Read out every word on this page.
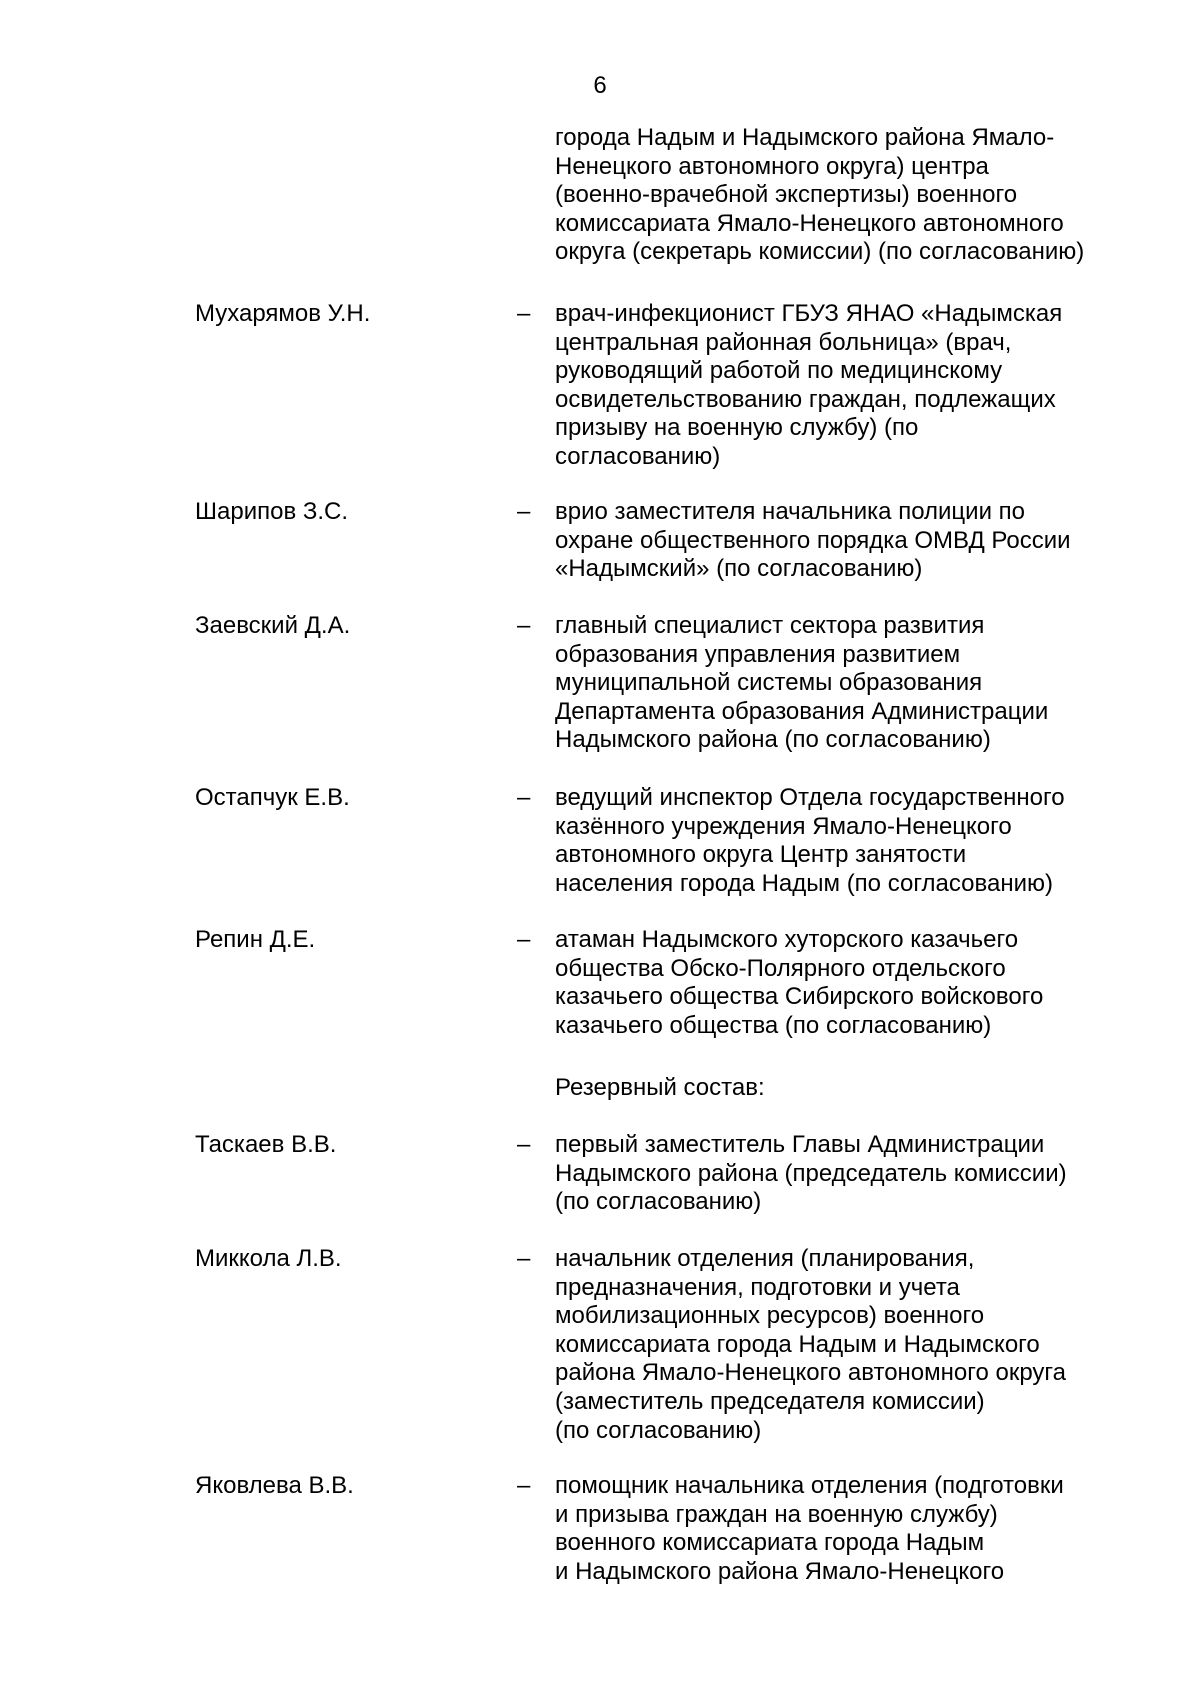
6
города Надым и Надымского района Ямало-
Ненецкого автономного округа) центра
(военно-врачебной экспертизы) военного
комиссариата Ямало-Ненецкого автономного
округа (секретарь комиссии) (по согласованию)
Мухарямов У.Н.	– врач-инфекционист ГБУЗ ЯНАО «Надымская
центральная районная больница» (врач,
руководящий работой по медицинскому
освидетельствованию граждан, подлежащих
призыву на военную службу) (по
согласованию)
Шарипов З.С.	– врио заместителя начальника полиции по
охране общественного порядка ОМВД России
«Надымский» (по согласованию)
Заевский Д.А.	– главный специалист сектора развития
образования управления развитием
муниципальной системы образования
Департамента образования Администрации
Надымского района (по согласованию)
Остапчук Е.В.	– ведущий инспектор Отдела государственного
казённого учреждения Ямало-Ненецкого
автономного округа Центр занятости
населения города Надым (по согласованию)
Репин Д.Е.	– атаман Надымского хуторского казачьего
общества Обско-Полярного отдельского
казачьего общества Сибирского войскового
казачьего общества (по согласованию)
Резервный состав:
Таскаев В.В.	– первый заместитель Главы Администрации
Надымского района (председатель комиссии)
(по согласованию)
Миккола Л.В.	– начальник отделения (планирования,
предназначения, подготовки и учета
мобилизационных ресурсов) военного
комиссариата города Надым и Надымского
района Ямало-Ненецкого автономного округа
(заместитель председателя комиссии)
(по согласованию)
Яковлева В.В.	– помощник начальника отделения (подготовки
и призыва граждан на военную службу)
военного комиссариата города Надым
и Надымского района Ямало-Ненецкого
